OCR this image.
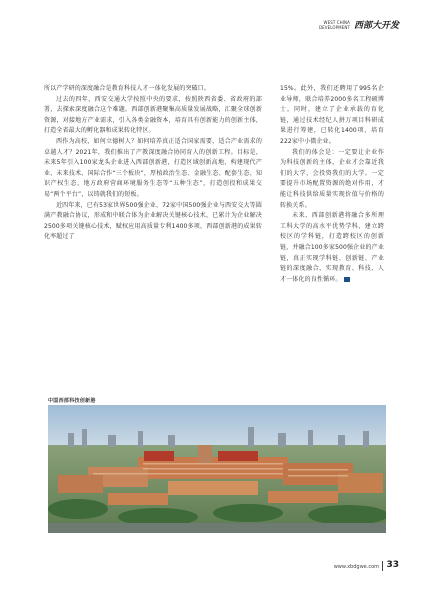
WEST CHINA DEVELOPMENT 西部大开发

所以产学研的深度融合是教育科技人才一体化发展的突破口。

过去的四年，西安交通大学按照中央的要求，按照陕西省委、省政府的部署，去探索深度融合这个难题。西部创新港聚集高质量发展战略，汇聚全球创新资源，对接地方产业需求，引入各类金融资本，培育具有创新能力的创新主体，打造全省最大的孵化器和成果转化特区。

西作为高校，如何立德树人？如何培养真正适合国家需要，适合产业需求的卓越人才？2021年，我们推出了产教深度融合协同育人的创新工程。目标是，未来5年引入100家龙头企业进入西部创新港，打造区域创新高地，构建现代产业、未来技术、国际合作“三个板块”，厚植政治生态、金融生态、配套生态、知识产权生态、地方政府营商环境服务生态等“五种生态”，打造创投和成果交易“两个平台”，以铸就我们的短板。

近四年来，已有53家世界500强企业、72家中国500强企业与西安交大等圆满产教融合协议，形成和中联合体为企业解决关键核心技术，已累计为企业解决2500多项关键核心技术，赋权应用高质量专利1400多项，西部创新港的成果转化率超过了

15%。此外，我们还聘用了995名企业导师，联合培养2000多名工程硕博士。同时，建立了企业承载的育化链，通过技术经纪人拼万项目科研成果进行筹建，已转化1400项，培育222家中小微企业。

我们的体会是：一定要让企业作为科技创新的主体，企业才会靠近我们的大学，会投资我们的大学。一定要提升市场配置资源的绝对作用，才能让科技供给质量实现价值与价格的转换关系。

未来，西部创新港将融合多所理工科大学的高水平优势学科，建立跨校区的学科链，打造跨校区的创新链，并融合100多家500强企业的产业链，真正实现学科链、创新链、产业链的深度融合，实现教育、科技、人才一体化的良性循环。

中国西部科技创新港
www.xbdgwe.com 33
